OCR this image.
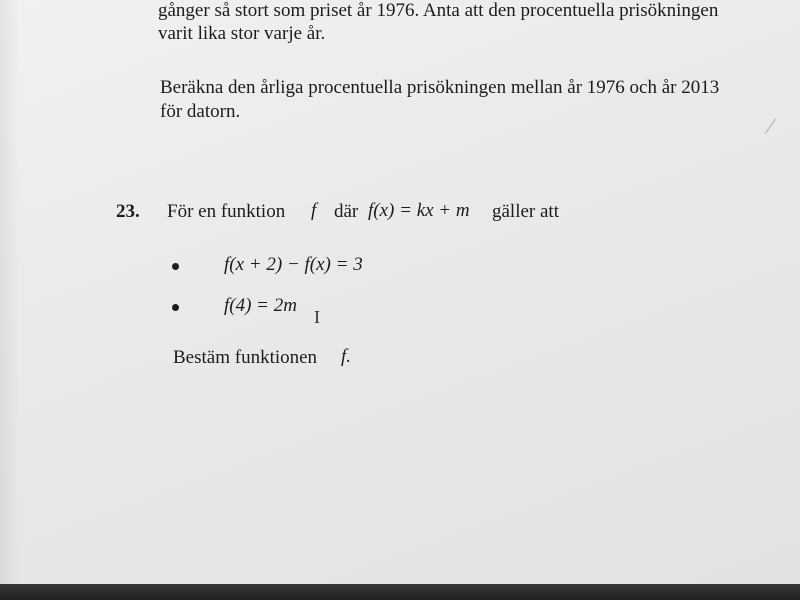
gånger så stort som priset år 1976. Anta att den procentuella prisökningen
varit lika stor varje år.
Beräkna den årliga procentuella prisökningen mellan år 1976 och år 2013
för datorn.
23. För en funktion f där f(x) = kx + m gäller att
f(x + 2) − f(x) = 3
f(4) = 2m
I
Bestäm funktionen f.
